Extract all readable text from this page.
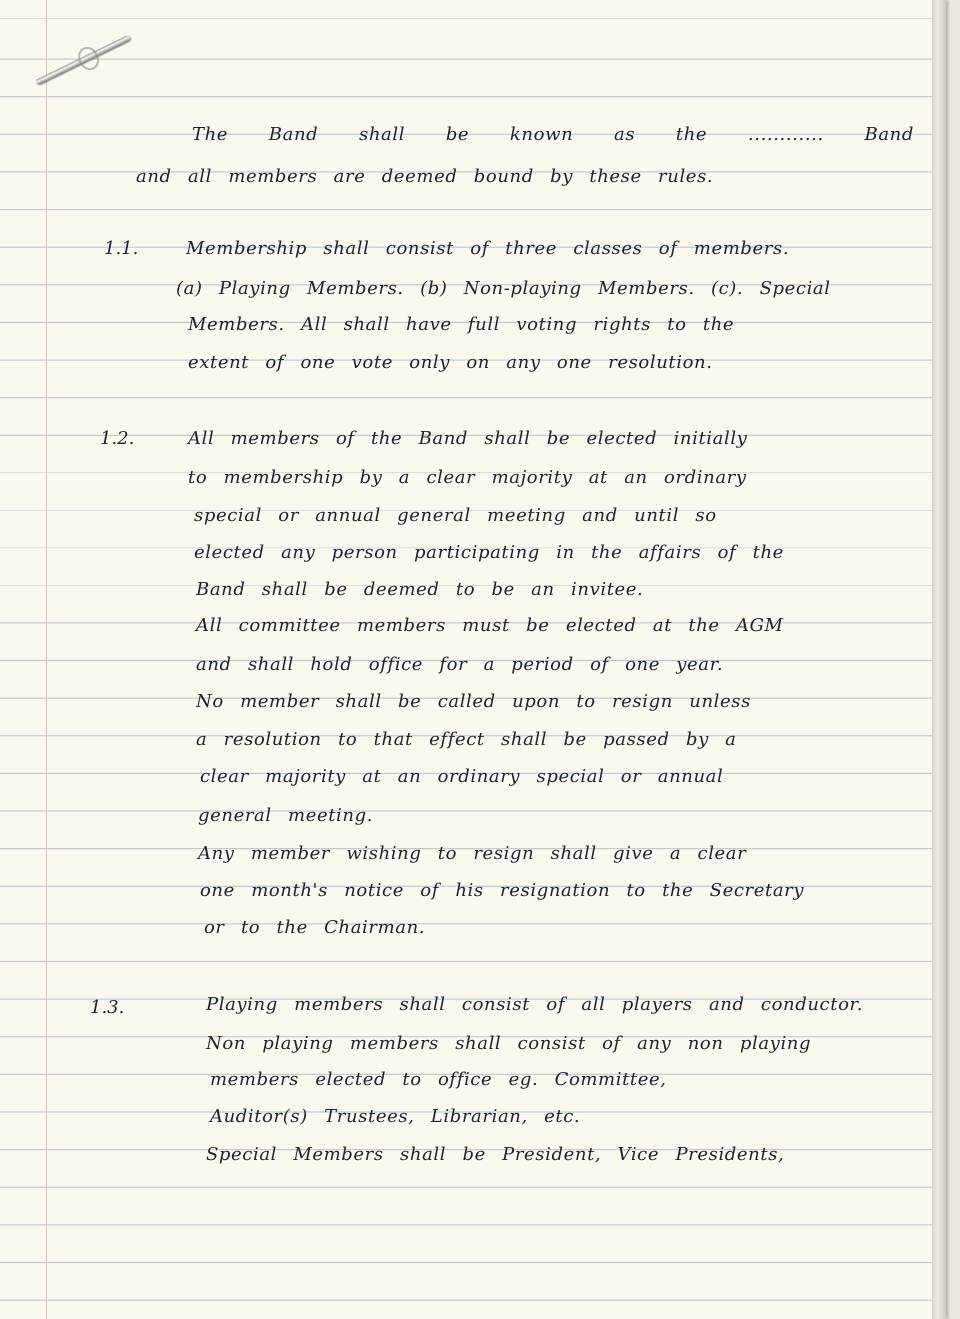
The Band shall be known as the ............ Band

and all members are deemed bound by these rules.

1.1.	Membership shall consist of three classes of members.

(a) Playing Members. (b) Non-playing Members. (c). Special

Members. All shall have full voting rights to the

extent of one vote only on any one resolution.

1.2.	All members of the Band shall be elected initially

to membership by a clear majority at an ordinary

special or annual general meeting and until so

elected any person participating in the affairs of the

Band shall be deemed to be an invitee.

All committee members must be elected at the AGM

and shall hold office for a period of one year.

No member shall be called upon to resign unless

a resolution to that effect shall be passed by a

clear majority at an ordinary special or annual

general meeting.

Any member wishing to resign shall give a clear

one month's notice of his resignation to the Secretary

or to the Chairman.

1.3.	Playing members shall consist of all players and conductor.

Non playing members shall consist of any non playing

members elected to office eg. Committee,

Auditor(s) Trustees, Librarian, etc.

Special Members shall be President, Vice Presidents,
